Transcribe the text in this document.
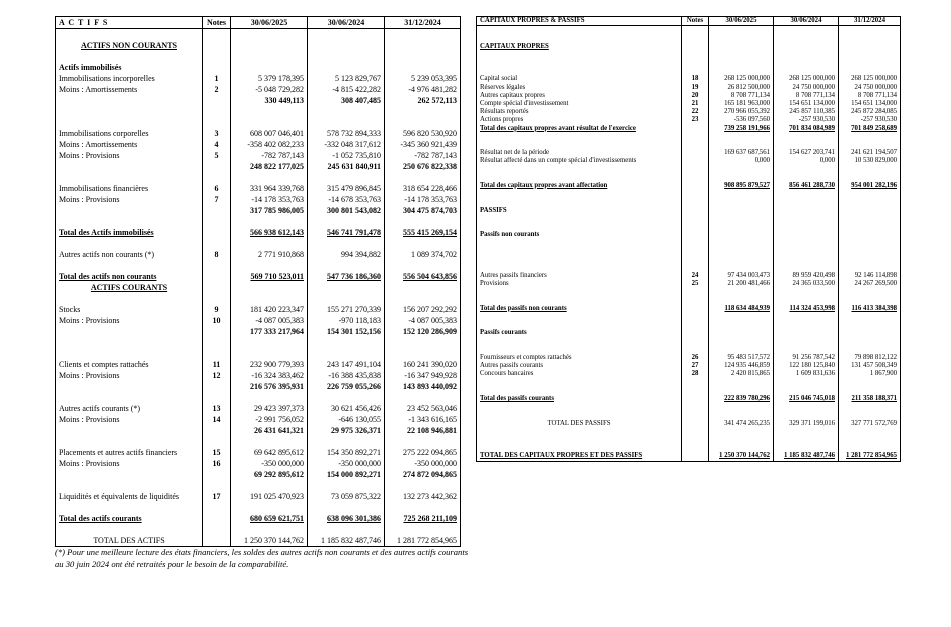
A C T I F S	Notes	30/06/2025	30/06/2024	31/12/2024

ACTIFS NON COURANTS				

Actifs immobilisés				
Immobilisations incorporelles	1	5 379 178,395	5 123 829,767	5 239 053,395
Moins : Amortissements	2	-5 048 729,282	-4 815 422,282	-4 976 481,282
		330 449,113	308 407,485	262 572,113

Immobilisations corporelles	3	608 007 046,401	578 732 894,333	596 820 530,920
Moins : Amortissements	4	-358 402 082,233	-332 048 317,612	-345 360 921,439
Moins : Provisions	5	-782 787,143	-1 052 735,810	-782 787,143
		248 822 177,025	245 631 840,911	250 676 822,338

Immobilisations financières	6	331 964 339,768	315 479 896,845	318 654 228,466
Moins : Provisions	7	-14 178 353,763	-14 678 353,763	-14 178 353,763
		317 785 986,005	300 801 543,082	304 475 874,703

Total des Actifs immobilisés		566 938 612,143	546 741 791,478	555 415 269,154

Autres actifs non courants (*)	8	2 771 910,868	994 394,882	1 089 374,702

Total des actifs non courants		569 710 523,011	547 736 186,360	556 504 643,856
ACTIFS COURANTS				

Stocks	9	181 420 223,347	155 271 270,339	156 207 292,292
Moins : Provisions	10	-4 087 005,383	-970 118,183	-4 087 005,383
		177 333 217,964	154 301 152,156	152 120 286,909

Clients et comptes rattachés	11	232 900 779,393	243 147 491,104	160 241 390,020
Moins : Provisions	12	-16 324 383,462	-16 388 435,838	-16 347 949,928
		216 576 395,931	226 759 055,266	143 893 440,092

Autres actifs courants (*)	13	29 423 397,373	30 621 456,426	23 452 563,046
Moins : Provisions	14	-2 991 756,052	-646 130,055	-1 343 616,165
		26 431 641,321	29 975 326,371	22 108 946,881

Placements et autres actifs financiers	15	69 642 895,612	154 350 892,271	275 222 094,865
Moins : Provisions	16	-350 000,000	-350 000,000	-350 000,000
		69 292 895,612	154 000 892,271	274 872 094,865

Liquidités et équivalents de liquidités	17	191 025 470,923	73 059 875,322	132 273 442,362

Total des actifs courants		680 659 621,751	638 096 301,386	725 268 211,109

TOTAL DES ACTIFS		1 250 370 144,762	1 185 832 487,746	1 281 772 854,965
CAPITAUX PROPRES & PASSIFS	Notes	30/06/2025	30/06/2024	31/12/2024

CAPITAUX PROPRES				

Capital social	18	268 125 000,000	268 125 000,000	268 125 000,000
Réserves légales	19	26 812 500,000	24 750 000,000	24 750 000,000
Autres capitaux propres	20	8 708 771,134	8 708 771,134	8 708 771,134
Compte spécial d'investissement	21	165 181 963,000	154 651 134,000	154 651 134,000
Résultats reportés	22	270 966 055,392	245 857 110,385	245 872 284,085
Actions propres	23	-536 097,560	-257 930,530	-257 930,530
Total des capitaux propres avant résultat de l'exercice		739 258 191,966	701 834 084,989	701 849 258,689

Résultat net de la période		169 637 687,561	154 627 203,741	241 621 194,507
Résultat affecté dans un compte spécial d'investissements		0,000	0,000	10 530 829,000

Total des capitaux propres avant affectation		908 895 879,527	856 461 288,730	954 001 282,196

PASSIFS				

Passifs non courants				

Autres passifs financiers	24	97 434 003,473	89 959 420,498	92 146 114,898
Provisions	25	21 200 481,466	24 365 033,500	24 267 269,500

Total des passifs non courants		118 634 484,939	114 324 453,998	116 413 384,398

Passifs courants				

Fournisseurs et comptes rattachés	26	95 483 517,572	91 256 787,542	79 898 812,122
Autres passifs courants	27	124 935 446,859	122 180 125,840	131 457 508,349
Concours bancaires	28	2 420 815,865	1 609 831,636	1 867,900

Total des passifs courants		222 839 780,296	215 046 745,018	211 358 188,371

TOTAL DES PASSIFS		341 474 265,235	329 371 199,016	327 771 572,769

TOTAL DES CAPITAUX PROPRES ET DES PASSIFS		1 250 370 144,762	1 185 832 487,746	1 281 772 854,965
(*) Pour une meilleure lecture des états financiers, les soldes des autres actifs non courants et des autres actifs courants au 30 juin 2024 ont été retraités pour le besoin de la comparabilité.
